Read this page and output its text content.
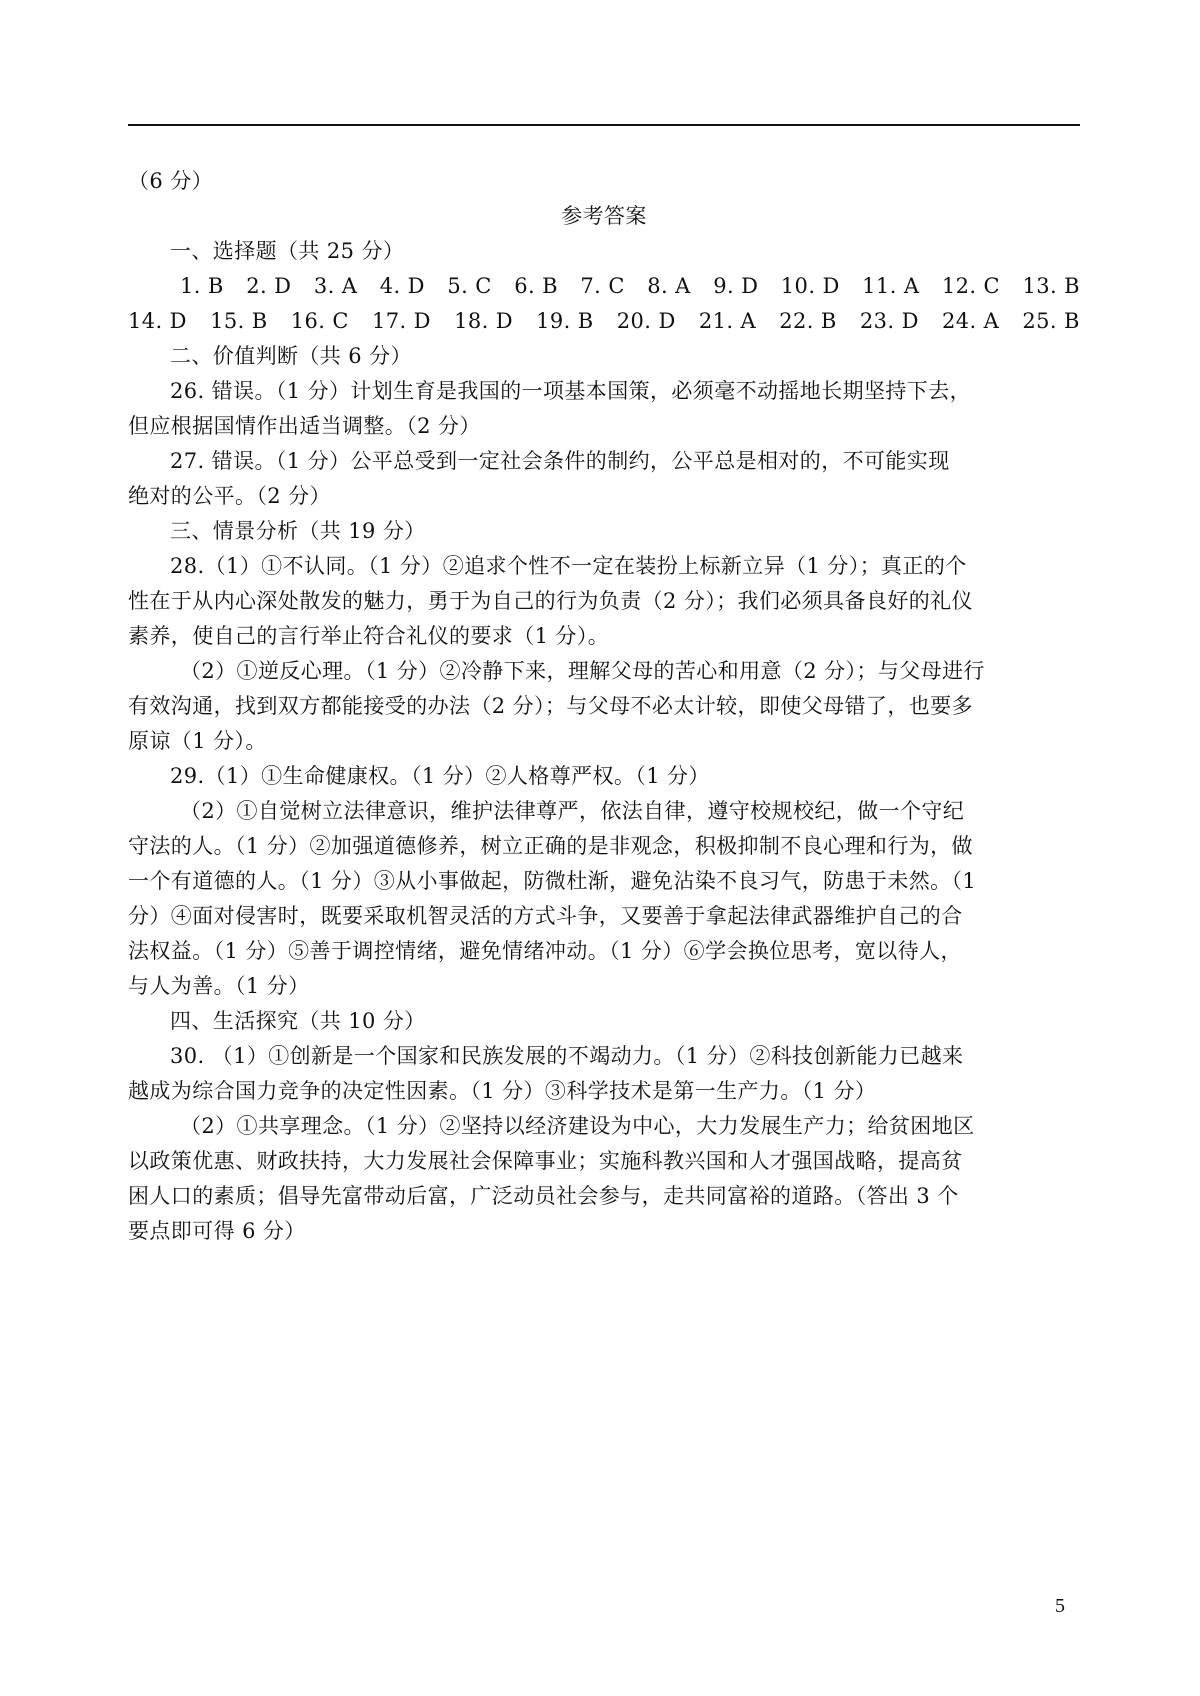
（6 分）
参考答案
一、选择题（共 25 分）
1. B 2. D 3. A 4. D 5. C 6. B 7. C 8. A 9. D 10. D 11. A 12. C 13. B
14. D 15. B 16. C 17. D 18. D 19. B 20. D 21. A 22. B 23. D 24. A 25. B
二、价值判断（共 6 分）
26. 错误。（1 分）计划生育是我国的一项基本国策，必须毫不动摇地长期坚持下去，
但应根据国情作出适当调整。（2 分）
27. 错误。（1 分）公平总受到一定社会条件的制约，公平总是相对的，不可能实现
绝对的公平。（2 分）
三、情景分析（共 19 分）
28.（1）①不认同。（1 分）②追求个性不一定在装扮上标新立异（1 分）；真正的个
性在于从内心深处散发的魅力，勇于为自己的行为负责（2 分）；我们必须具备良好的礼仪
素养，使自己的言行举止符合礼仪的要求（1 分）。
（2）①逆反心理。（1 分）②冷静下来，理解父母的苦心和用意（2 分）；与父母进行
有效沟通，找到双方都能接受的办法（2 分）；与父母不必太计较，即使父母错了，也要多
原谅（1 分）。
29.（1）①生命健康权。（1 分）②人格尊严权。（1 分）
（2）①自觉树立法律意识，维护法律尊严，依法自律，遵守校规校纪，做一个守纪
守法的人。（1 分）②加强道德修养，树立正确的是非观念，积极抑制不良心理和行为，做
一个有道德的人。（1 分）③从小事做起，防微杜渐，避免沾染不良习气，防患于未然。（1
分）④面对侵害时，既要采取机智灵活的方式斗争，又要善于拿起法律武器维护自己的合
法权益。（1 分）⑤善于调控情绪，避免情绪冲动。（1 分）⑥学会换位思考，宽以待人，
与人为善。（1 分）
四、生活探究（共 10 分）
30. （1）①创新是一个国家和民族发展的不竭动力。（1 分）②科技创新能力已越来
越成为综合国力竞争的决定性因素。（1 分）③科学技术是第一生产力。（1 分）
（2）①共享理念。（1 分）②坚持以经济建设为中心，大力发展生产力；给贫困地区
以政策优惠、财政扶持，大力发展社会保障事业；实施科教兴国和人才强国战略，提高贫
困人口的素质；倡导先富带动后富，广泛动员社会参与，走共同富裕的道路。（答出 3 个
要点即可得 6 分）
5
